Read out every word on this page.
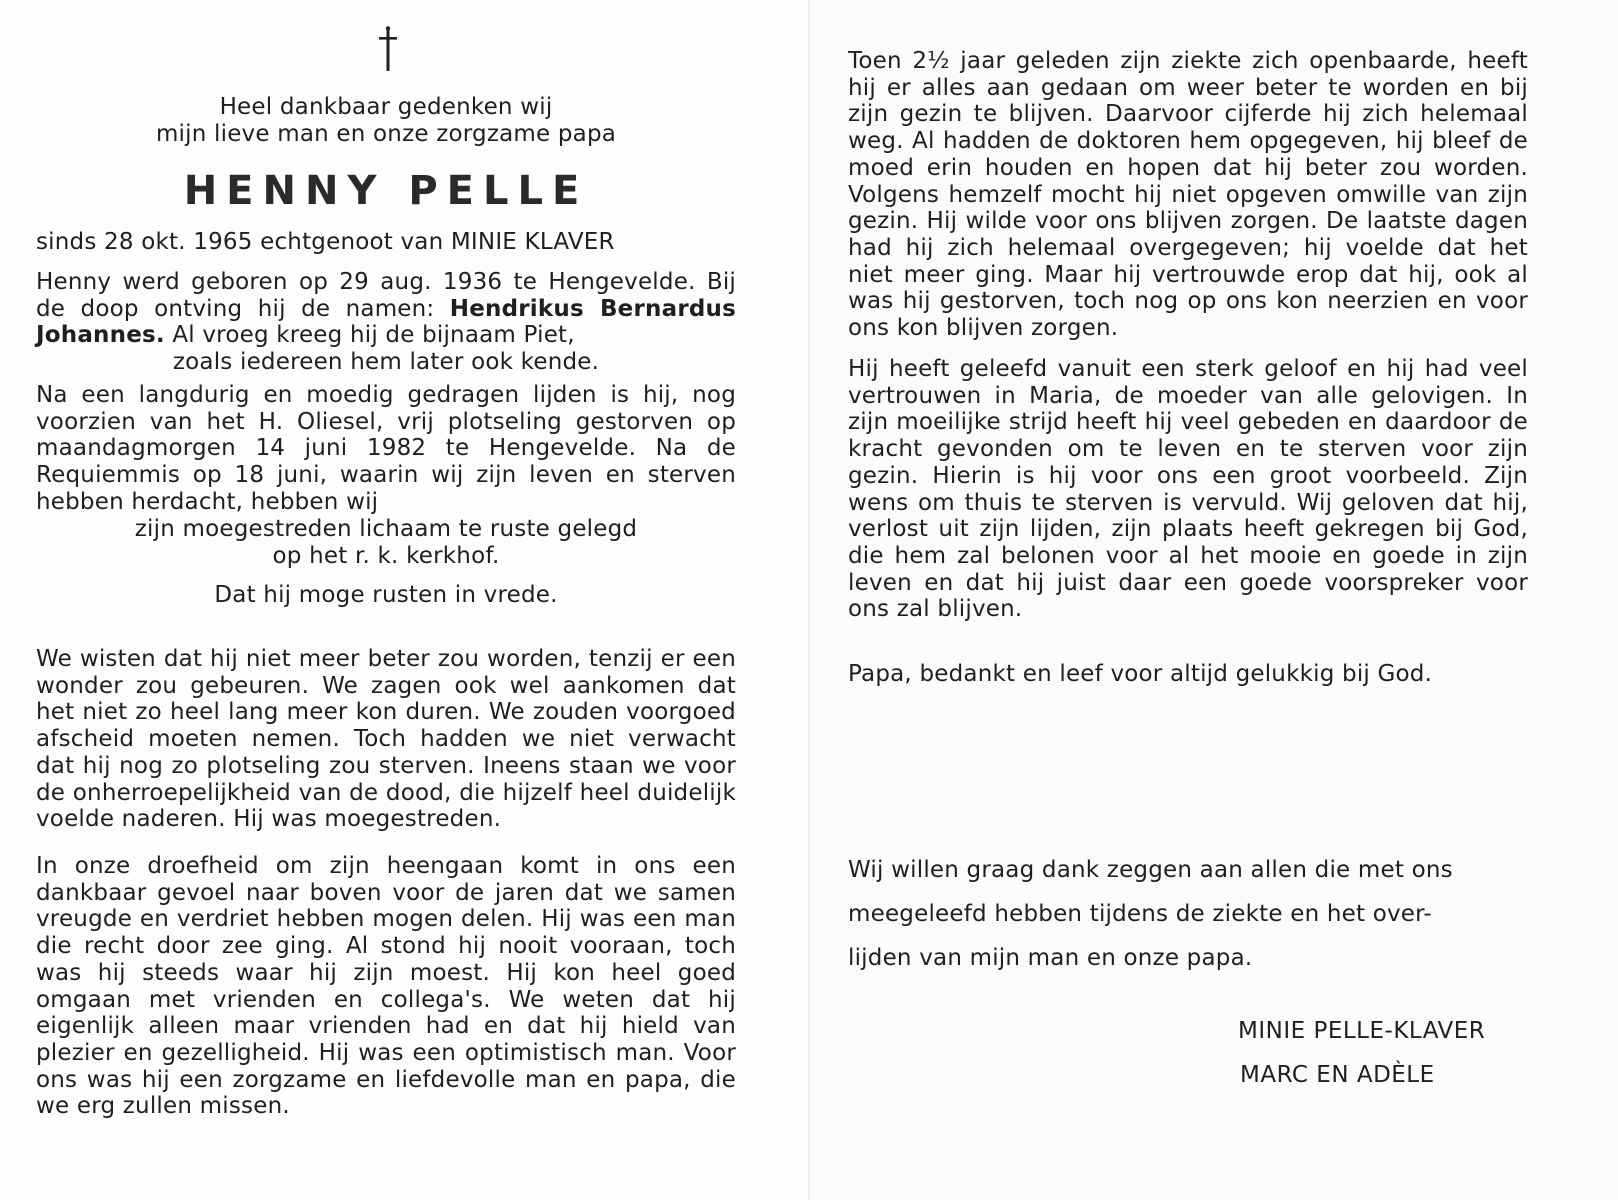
Heel dankbaar gedenken wij
mijn lieve man en onze zorgzame papa
HENNY PELLE
sinds 28 okt. 1965 echtgenoot van MINIE KLAVER
Henny werd geboren op 29 aug. 1936 te Hengevelde. Bij de doop ontving hij de namen: Hendrikus Bernardus Johannes. Al vroeg kreeg hij de bijnaam Piet,
zoals iedereen hem later ook kende.
Na een langdurig en moedig gedragen lijden is hij, nog voorzien van het H. Oliesel, vrij plotseling gestorven op maandagmorgen 14 juni 1982 te Hengevelde. Na de Requiemmis op 18 juni, waarin wij zijn leven en sterven hebben herdacht, hebben wij
zijn moegestreden lichaam te ruste gelegd
op het r. k. kerkhof.
Dat hij moge rusten in vrede.
We wisten dat hij niet meer beter zou worden, tenzij er een wonder zou gebeuren. We zagen ook wel aankomen dat het niet zo heel lang meer kon duren. We zouden voorgoed afscheid moeten nemen. Toch hadden we niet verwacht dat hij nog zo plotseling zou sterven. Ineens staan we voor de onherroepelijkheid van de dood, die hijzelf heel duidelijk voelde naderen. Hij was moegestreden.
In onze droefheid om zijn heengaan komt in ons een dankbaar gevoel naar boven voor de jaren dat we samen vreugde en verdriet hebben mogen delen. Hij was een man die recht door zee ging. Al stond hij nooit vooraan, toch was hij steeds waar hij zijn moest. Hij kon heel goed omgaan met vrienden en collega's. We weten dat hij eigenlijk alleen maar vrienden had en dat hij hield van plezier en gezelligheid. Hij was een optimistisch man. Voor ons was hij een zorgzame en liefdevolle man en papa, die we erg zullen missen.
Toen 2½ jaar geleden zijn ziekte zich openbaarde, heeft hij er alles aan gedaan om weer beter te worden en bij zijn gezin te blijven. Daarvoor cijferde hij zich helemaal weg. Al hadden de doktoren hem opgegeven, hij bleef de moed erin houden en hopen dat hij beter zou worden. Volgens hemzelf mocht hij niet opgeven omwille van zijn gezin. Hij wilde voor ons blijven zorgen. De laatste dagen had hij zich helemaal overgegeven; hij voelde dat het niet meer ging. Maar hij vertrouwde erop dat hij, ook al was hij gestorven, toch nog op ons kon neerzien en voor ons kon blijven zorgen.
Hij heeft geleefd vanuit een sterk geloof en hij had veel vertrouwen in Maria, de moeder van alle gelovigen. In zijn moeilijke strijd heeft hij veel gebeden en daardoor de kracht gevonden om te leven en te sterven voor zijn gezin. Hierin is hij voor ons een groot voorbeeld. Zijn wens om thuis te sterven is vervuld. Wij geloven dat hij, verlost uit zijn lijden, zijn plaats heeft gekregen bij God, die hem zal belonen voor al het mooie en goede in zijn leven en dat hij juist daar een goede voorspreker voor ons zal blijven.
Papa, bedankt en leef voor altijd gelukkig bij God.
Wij willen graag dank zeggen aan allen die met ons
meegeleefd hebben tijdens de ziekte en het over-
lijden van mijn man en onze papa.
MINIE PELLE-KLAVER
MARC EN ADÈLE
